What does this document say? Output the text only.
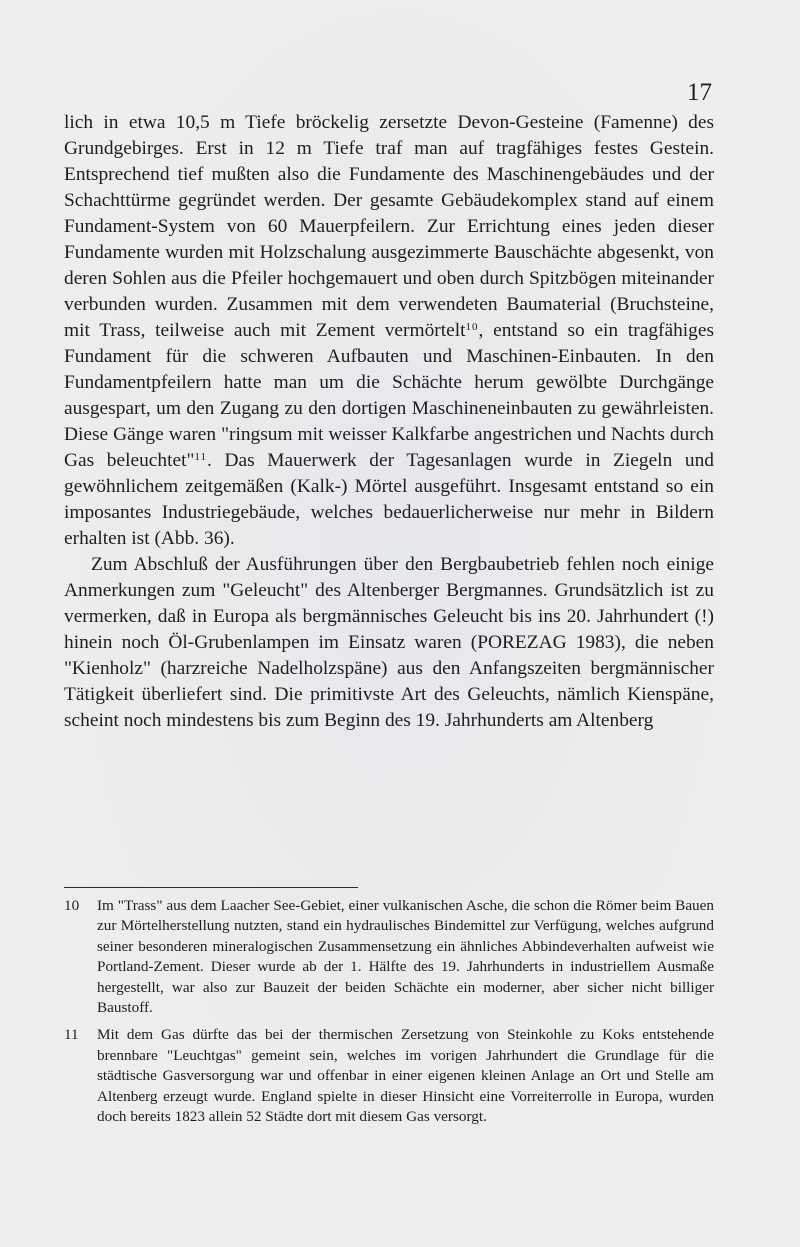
17

lich in etwa 10,5 m Tiefe bröckelig zersetzte Devon-Gesteine (Famenne) des Grundgebirges. Erst in 12 m Tiefe traf man auf tragfähiges festes Gestein. Entsprechend tief mußten also die Fundamente des Maschinengebäudes und der Schachttürme gegründet werden. Der gesamte Gebäudekomplex stand auf einem Fundament-System von 60 Mauerpfeilern. Zur Errichtung eines jeden dieser Fundamente wurden mit Holzschalung ausgezimmerte Bauschächte abgesenkt, von deren Sohlen aus die Pfeiler hochgemauert und oben durch Spitzbögen miteinander verbunden wurden. Zusammen mit dem verwendeten Baumaterial (Bruchsteine, mit Trass, teilweise auch mit Zement vermörtelt$^{10}$, entstand so ein tragfähiges Fundament für die schweren Aufbauten und Maschinen-Einbauten. In den Fundamentpfeilern hatte man um die Schächte herum gewölbte Durchgänge ausgespart, um den Zugang zu den dortigen Maschineneinbauten zu gewährleisten. Diese Gänge waren "ringsum mit weisser Kalkfarbe angestrichen und Nachts durch Gas beleuchtet"$^{11}$. Das Mauerwerk der Tagesanlagen wurde in Ziegeln und gewöhnlichem zeitgemäßen (Kalk-) Mörtel ausgeführt. Insgesamt entstand so ein imposantes Industriegebäude, welches bedauerlicherweise nur mehr in Bildern erhalten ist (Abb. 36).

Zum Abschluß der Ausführungen über den Bergbaubetrieb fehlen noch einige Anmerkungen zum "Geleucht" des Altenberger Bergmannes. Grundsätzlich ist zu vermerken, daß in Europa als bergmännisches Geleucht bis ins 20. Jahrhundert (!) hinein noch Öl-Grubenlampen im Einsatz waren (POREZAG 1983), die neben "Kienholz" (harzreiche Nadelholzspäne) aus den Anfangszeiten bergmännischer Tätigkeit überliefert sind. Die primitivste Art des Geleuchts, nämlich Kienspäne, scheint noch mindestens bis zum Beginn des 19. Jahrhunderts am Altenberg

10 Im "Trass" aus dem Laacher See-Gebiet, einer vulkanischen Asche, die schon die Römer beim Bauen zur Mörtelherstellung nutzten, stand ein hydraulisches Bindemittel zur Verfügung, welches aufgrund seiner besonderen mineralogischen Zusammensetzung ein ähnliches Abbindeverhalten aufweist wie Portland-Zement. Dieser wurde ab der 1. Hälfte des 19. Jahrhunderts in industriellem Ausmaße hergestellt, war also zur Bauzeit der beiden Schächte ein moderner, aber sicher nicht billiger Baustoff.
11 Mit dem Gas dürfte das bei der thermischen Zersetzung von Steinkohle zu Koks entstehende brennbare "Leuchtgas" gemeint sein, welches im vorigen Jahrhundert die Grundlage für die städtische Gasversorgung war und offenbar in einer eigenen kleinen Anlage an Ort und Stelle am Altenberg erzeugt wurde. England spielte in dieser Hinsicht eine Vorreiterrolle in Europa, wurden doch bereits 1823 allein 52 Städte dort mit diesem Gas versorgt.
